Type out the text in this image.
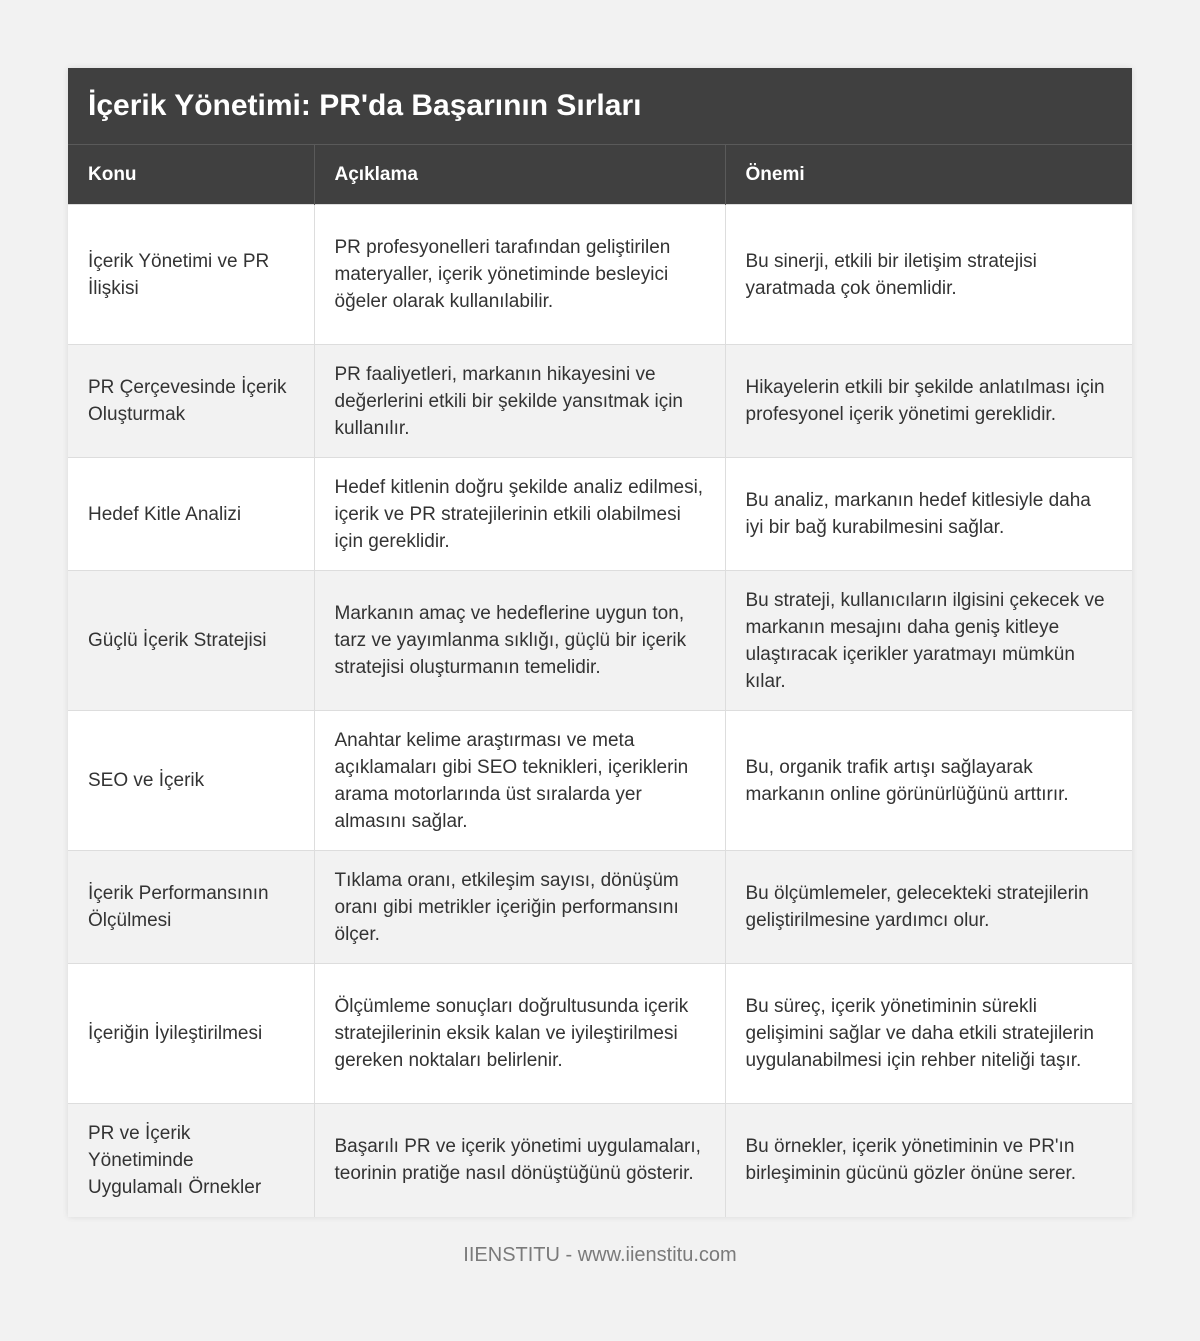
İçerik Yönetimi: PR'da Başarının Sırları
Konu	Açıklama	Önemi
İçerik Yönetimi ve PR İlişkisi	PR profesyonelleri tarafından geliştirilen materyaller, içerik yönetiminde besleyici öğeler olarak kullanılabilir.	Bu sinerji, etkili bir iletişim stratejisi yaratmada çok önemlidir.
PR Çerçevesinde İçerik Oluşturmak	PR faaliyetleri, markanın hikayesini ve değerlerini etkili bir şekilde yansıtmak için kullanılır.	Hikayelerin etkili bir şekilde anlatılması için profesyonel içerik yönetimi gereklidir.
Hedef Kitle Analizi	Hedef kitlenin doğru şekilde analiz edilmesi, içerik ve PR stratejilerinin etkili olabilmesi için gereklidir.	Bu analiz, markanın hedef kitlesiyle daha iyi bir bağ kurabilmesini sağlar.
Güçlü İçerik Stratejisi	Markanın amaç ve hedeflerine uygun ton, tarz ve yayımlanma sıklığı, güçlü bir içerik stratejisi oluşturmanın temelidir.	Bu strateji, kullanıcıların ilgisini çekecek ve markanın mesajını daha geniş kitleye ulaştıracak içerikler yaratmayı mümkün kılar.
SEO ve İçerik	Anahtar kelime araştırması ve meta açıklamaları gibi SEO teknikleri, içeriklerin arama motorlarında üst sıralarda yer almasını sağlar.	Bu, organik trafik artışı sağlayarak markanın online görünürlüğünü arttırır.
İçerik Performansının Ölçülmesi	Tıklama oranı, etkileşim sayısı, dönüşüm oranı gibi metrikler içeriğin performansını ölçer.	Bu ölçümlemeler, gelecekteki stratejilerin geliştirilmesine yardımcı olur.
İçeriğin İyileştirilmesi	Ölçümleme sonuçları doğrultusunda içerik stratejilerinin eksik kalan ve iyileştirilmesi gereken noktaları belirlenir.	Bu süreç, içerik yönetiminin sürekli gelişimini sağlar ve daha etkili stratejilerin uygulanabilmesi için rehber niteliği taşır.
PR ve İçerik Yönetiminde Uygulamalı Örnekler	Başarılı PR ve içerik yönetimi uygulamaları, teorinin pratiğe nasıl dönüştüğünü gösterir.	Bu örnekler, içerik yönetiminin ve PR'ın birleşiminin gücünü gözler önüne serer.
IIENSTITU - www.iienstitu.com
